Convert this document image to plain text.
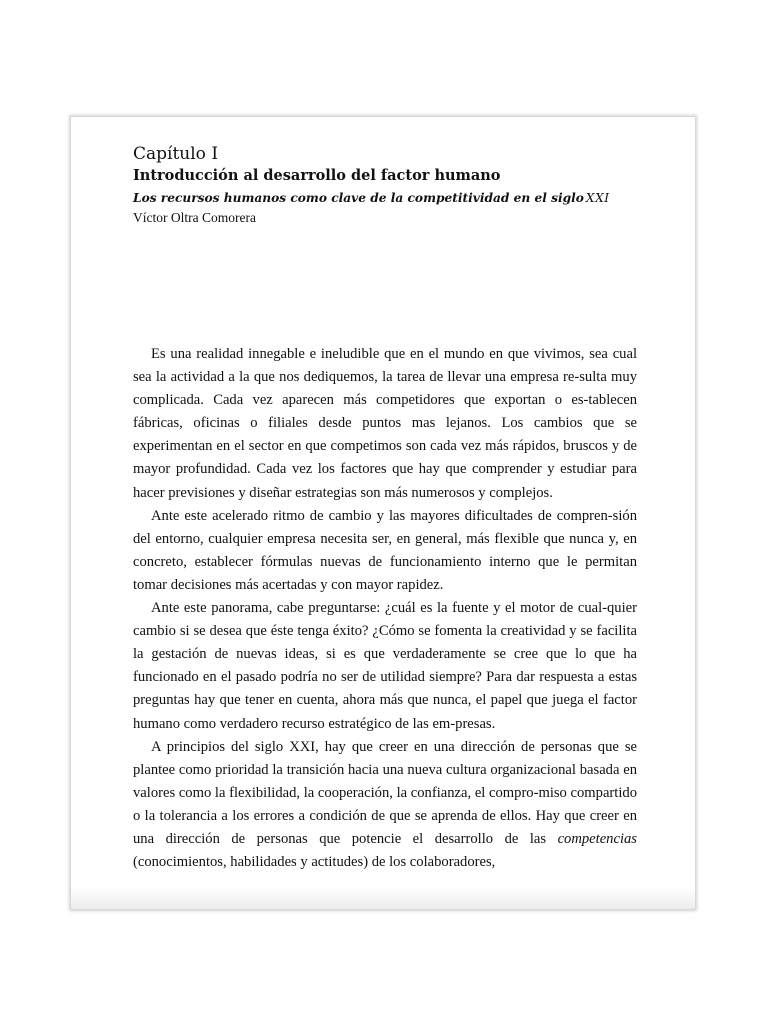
Capítulo I

Introducción al desarrollo del factor humano

Los recursos humanos como clave de la competitividad en el siglo XXI

Víctor Oltra Comorera

Es una realidad innegable e ineludible que en el mundo en que vivimos, sea cual sea la actividad a la que nos dediquemos, la tarea de llevar una empresa re-​sulta muy complicada. Cada vez aparecen más competidores que exportan o es-​tablecen fábricas, oficinas o filiales desde puntos mas lejanos. Los cambios que se experimentan en el sector en que competimos son cada vez más rápidos, bruscos y de mayor profundidad. Cada vez los factores que hay que comprender y estudiar para hacer previsiones y diseñar estrategias son más numerosos y complejos.

Ante este acelerado ritmo de cambio y las mayores dificultades de compren-​sión del entorno, cualquier empresa necesita ser, en general, más flexible que nunca y, en concreto, establecer fórmulas nuevas de funcionamiento interno que le permitan tomar decisiones más acertadas y con mayor rapidez.

Ante este panorama, cabe preguntarse: ¿cuál es la fuente y el motor de cual-​quier cambio si se desea que éste tenga éxito? ¿Cómo se fomenta la creatividad y se facilita la gestación de nuevas ideas, si es que verdaderamente se cree que lo que ha funcionado en el pasado podría no ser de utilidad siempre? Para dar respuesta a estas preguntas hay que tener en cuenta, ahora más que nunca, el papel que juega el factor humano como verdadero recurso estratégico de las em-​presas.

A principios del siglo XXI, hay que creer en una dirección de personas que se plantee como prioridad la transición hacia una nueva cultura organizacional basada en valores como la flexibilidad, la cooperación, la confianza, el compro-​miso compartido o la tolerancia a los errores a condición de que se aprenda de ellos. Hay que creer en una dirección de personas que potencie el desarrollo de las competencias (conocimientos, habilidades y actitudes) de los colaboradores,
